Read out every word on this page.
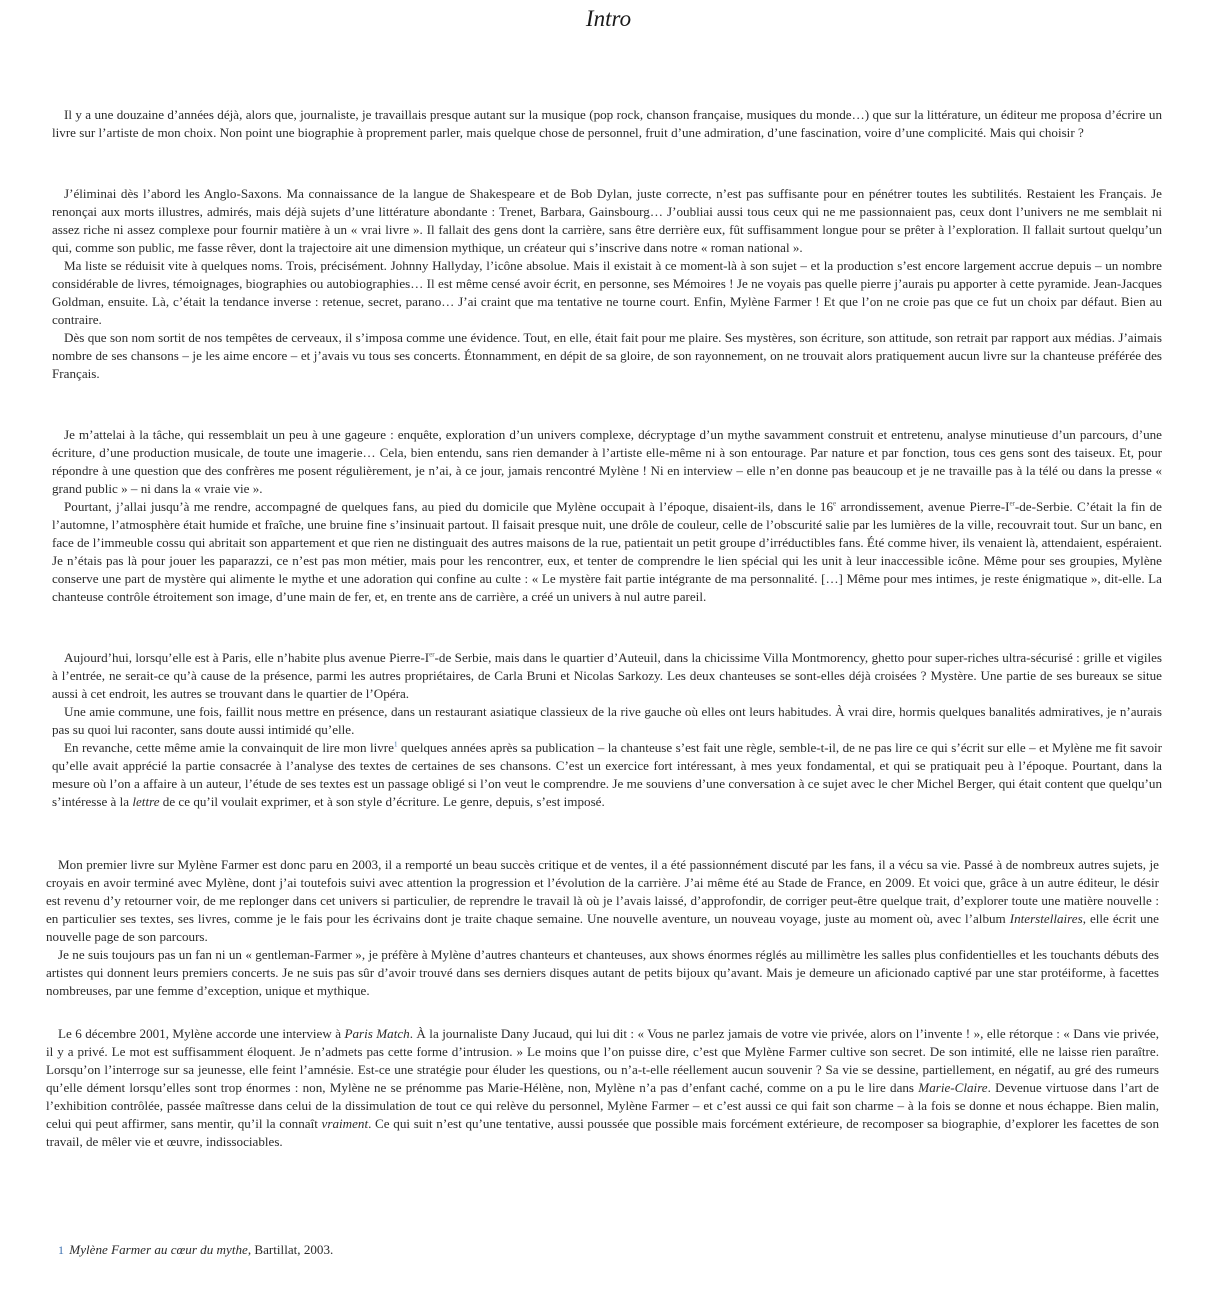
Intro

Il y a une douzaine d’années déjà, alors que, journaliste, je travaillais presque autant sur la musique (pop rock, chanson française, musiques du monde…) que sur la littérature, un éditeur me proposa d’écrire un livre sur l’artiste de mon choix. Non point une biographie à proprement parler, mais quelque chose de personnel, fruit d’une admiration, d’une fascination, voire d’une complicité. Mais qui choisir ?

J’éliminai dès l’abord les Anglo-Saxons. Ma connaissance de la langue de Shakespeare et de Bob Dylan, juste correcte, n’est pas suffisante pour en pénétrer toutes les subtilités. Restaient les Français. Je renonçai aux morts illustres, admirés, mais déjà sujets d’une littérature abondante : Trenet, Barbara, Gainsbourg… J’oubliai aussi tous ceux qui ne me passionnaient pas, ceux dont l’univers ne me semblait ni assez riche ni assez complexe pour fournir matière à un « vrai livre ». Il fallait des gens dont la carrière, sans être derrière eux, fût suffisamment longue pour se prêter à l’exploration. Il fallait surtout quelqu’un qui, comme son public, me fasse rêver, dont la trajectoire ait une dimension mythique, un créateur qui s’inscrive dans notre « roman national ».

Ma liste se réduisit vite à quelques noms. Trois, précisément. Johnny Hallyday, l’icône absolue. Mais il existait à ce moment-là à son sujet – et la production s’est encore largement accrue depuis – un nombre considérable de livres, témoignages, biographies ou autobiographies… Il est même censé avoir écrit, en personne, ses Mémoires ! Je ne voyais pas quelle pierre j’aurais pu apporter à cette pyramide. Jean-Jacques Goldman, ensuite. Là, c’était la tendance inverse : retenue, secret, parano… J’ai craint que ma tentative ne tourne court. Enfin, Mylène Farmer ! Et que l’on ne croie pas que ce fut un choix par défaut. Bien au contraire.

Dès que son nom sortit de nos tempêtes de cerveaux, il s’imposa comme une évidence. Tout, en elle, était fait pour me plaire. Ses mystères, son écriture, son attitude, son retrait par rapport aux médias. J’aimais nombre de ses chansons – je les aime encore – et j’avais vu tous ses concerts. Étonnamment, en dépit de sa gloire, de son rayonnement, on ne trouvait alors pratiquement aucun livre sur la chanteuse préférée des Français.

Je m’attelai à la tâche, qui ressemblait un peu à une gageure : enquête, exploration d’un univers complexe, décryptage d’un mythe savamment construit et entretenu, analyse minutieuse d’un parcours, d’une écriture, d’une production musicale, de toute une imagerie… Cela, bien entendu, sans rien demander à l’artiste elle-même ni à son entourage. Par nature et par fonction, tous ces gens sont des taiseux. Et, pour répondre à une question que des confrères me posent régulièrement, je n’ai, à ce jour, jamais rencontré Mylène ! Ni en interview – elle n’en donne pas beaucoup et je ne travaille pas à la télé ou dans la presse « grand public » – ni dans la « vraie vie ».

Pourtant, j’allai jusqu’à me rendre, accompagné de quelques fans, au pied du domicile que Mylène occupait à l’époque, disaient-ils, dans le 16e arrondissement, avenue Pierre-Ier-de-Serbie. C’était la fin de l’automne, l’atmosphère était humide et fraîche, une bruine fine s’insinuait partout. Il faisait presque nuit, une drôle de couleur, celle de l’obscurité salie par les lumières de la ville, recouvrait tout. Sur un banc, en face de l’immeuble cossu qui abritait son appartement et que rien ne distinguait des autres maisons de la rue, patientait un petit groupe d’irréductibles fans. Été comme hiver, ils venaient là, attendaient, espéraient. Je n’étais pas là pour jouer les paparazzi, ce n’est pas mon métier, mais pour les rencontrer, eux, et tenter de comprendre le lien spécial qui les unit à leur inaccessible icône. Même pour ses groupies, Mylène conserve une part de mystère qui alimente le mythe et une adoration qui confine au culte : « Le mystère fait partie intégrante de ma personnalité. […] Même pour mes intimes, je reste énigmatique », dit-elle. La chanteuse contrôle étroitement son image, d’une main de fer, et, en trente ans de carrière, a créé un univers à nul autre pareil.

Aujourd’hui, lorsqu’elle est à Paris, elle n’habite plus avenue Pierre-Ier-de Serbie, mais dans le quartier d’Auteuil, dans la chicissime Villa Montmorency, ghetto pour super-riches ultra-sécurisé : grille et vigiles à l’entrée, ne serait-ce qu’à cause de la présence, parmi les autres propriétaires, de Carla Bruni et Nicolas Sarkozy. Les deux chanteuses se sont-elles déjà croisées ? Mystère. Une partie de ses bureaux se situe aussi à cet endroit, les autres se trouvant dans le quartier de l’Opéra.

Une amie commune, une fois, faillit nous mettre en présence, dans un restaurant asiatique classieux de la rive gauche où elles ont leurs habitudes. À vrai dire, hormis quelques banalités admiratives, je n’aurais pas su quoi lui raconter, sans doute aussi intimidé qu’elle.

En revanche, cette même amie la convainquit de lire mon livre$^1$ quelques années après sa publication – la chanteuse s’est fait une règle, semble-t-il, de ne pas lire ce qui s’écrit sur elle – et Mylène me fit savoir qu’elle avait apprécié la partie consacrée à l’analyse des textes de certaines de ses chansons. C’est un exercice fort intéressant, à mes yeux fondamental, et qui se pratiquait peu à l’époque. Pourtant, dans la mesure où l’on a affaire à un auteur, l’étude de ses textes est un passage obligé si l’on veut le comprendre. Je me souviens d’une conversation à ce sujet avec le cher Michel Berger, qui était content que quelqu’un s’intéresse à la lettre de ce qu’il voulait exprimer, et à son style d’écriture. Le genre, depuis, s’est imposé.

Mon premier livre sur Mylène Farmer est donc paru en 2003, il a remporté un beau succès critique et de ventes, il a été passionnément discuté par les fans, il a vécu sa vie. Passé à de nombreux autres sujets, je croyais en avoir terminé avec Mylène, dont j’ai toutefois suivi avec attention la progression et l’évolution de la carrière. J’ai même été au Stade de France, en 2009. Et voici que, grâce à un autre éditeur, le désir est revenu d’y retourner voir, de me replonger dans cet univers si particulier, de reprendre le travail là où je l’avais laissé, d’approfondir, de corriger peut-être quelque trait, d’explorer toute une matière nouvelle : en particulier ses textes, ses livres, comme je le fais pour les écrivains dont je traite chaque semaine. Une nouvelle aventure, un nouveau voyage, juste au moment où, avec l’album Interstellaires, elle écrit une nouvelle page de son parcours.

Je ne suis toujours pas un fan ni un « gentleman-Farmer », je préfère à Mylène d’autres chanteurs et chanteuses, aux shows énormes réglés au millimètre les salles plus confidentielles et les touchants débuts des artistes qui donnent leurs premiers concerts. Je ne suis pas sûr d’avoir trouvé dans ses derniers disques autant de petits bijoux qu’avant. Mais je demeure un aficionado captivé par une star protéiforme, à facettes nombreuses, par une femme d’exception, unique et mythique.

Le 6 décembre 2001, Mylène accorde une interview à Paris Match. À la journaliste Dany Jucaud, qui lui dit : « Vous ne parlez jamais de votre vie privée, alors on l’invente ! », elle rétorque : « Dans vie privée, il y a privé. Le mot est suffisamment éloquent. Je n’admets pas cette forme d’intrusion. » Le moins que l’on puisse dire, c’est que Mylène Farmer cultive son secret. De son intimité, elle ne laisse rien paraître. Lorsqu’on l’interroge sur sa jeunesse, elle feint l’amnésie. Est-ce une stratégie pour éluder les questions, ou n’a-t-elle réellement aucun souvenir ? Sa vie se dessine, partiellement, en négatif, au gré des rumeurs qu’elle dément lorsqu’elles sont trop énormes : non, Mylène ne se prénomme pas Marie-Hélène, non, Mylène n’a pas d’enfant caché, comme on a pu le lire dans Marie-Claire. Devenue virtuose dans l’art de l’exhibition contrôlée, passée maîtresse dans celui de la dissimulation de tout ce qui relève du personnel, Mylène Farmer – et c’est aussi ce qui fait son charme – à la fois se donne et nous échappe. Bien malin, celui qui peut affirmer, sans mentir, qu’il la connaît vraiment. Ce qui suit n’est qu’une tentative, aussi poussée que possible mais forcément extérieure, de recomposer sa biographie, d’explorer les facettes de son travail, de mêler vie et œuvre, indissociables.

1 Mylène Farmer au cœur du mythe, Bartillat, 2003.
